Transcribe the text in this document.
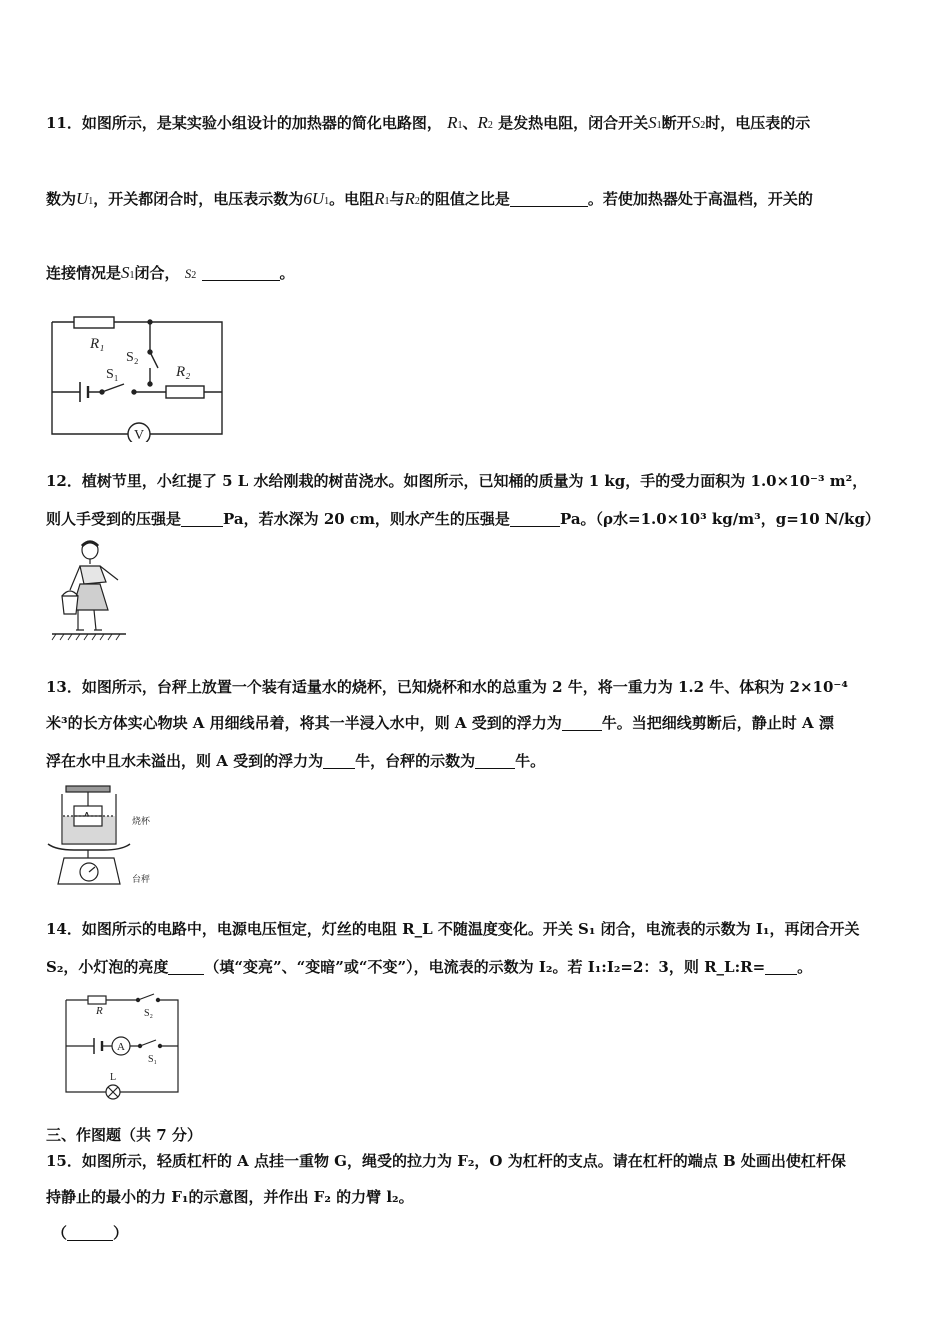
11．如图所示，是某实验小组设计的加热器的简化电路图， R1、R2 是发热电阻，闭合开关S1断开S2时，电压表的示
数为U1，开关都闭合时，电压表示数为6U1。电阻R1与R2的阻值之比是	。若使加热器处于高温档，开关的
连接情况是S1闭合， S2	。
V
R₁
S₂
S₁	R₂
12．植树节里，小红提了 5 L 水给刚栽的树苗浇水。如图所示，已知桶的质量为 1 kg，手的受力面积为 1.0×10⁻³ m²，
则人手受到的压强是	Pa，若水深为 20 cm，则水产生的压强是	Pa。（ρ水=1.0×10³ kg/m³，g=10 N/kg）
13．如图所示，台秤上放置一个装有适量水的烧杯，已知烧杯和水的总重为 2 牛，将一重力为 1.2 牛、体积为 2×10⁻⁴
米³的长方体实心物块 A 用细线吊着，将其一半浸入水中，则 A 受到的浮力为	牛。当把细线剪断后，静止时 A 漂
浮在水中且水未溢出，则 A 受到的浮力为 牛，台秤的示数为	牛。
烧杯
台秤
14．如图所示的电路中，电源电压恒定，灯丝的电阻 R_L 不随温度变化。开关 S₁ 闭合，电流表的示数为 I₁，再闭合开关
S₂，小灯泡的亮度 （填“变亮”、“变暗”或“不变”），电流表的示数为 I₂。若 I₁:I₂=2：3，则 R_L:R= 。
A
R	S₂
S₁
L
三、作图题（共 7 分）
15．如图所示，轻质杠杆的 A 点挂一重物 G，绳受的拉力为 F₂，O 为杠杆的支点。请在杠杆的端点 B 处画出使杠杆保
持静止的最小的力 F₁的示意图，并作出 F₂ 的力臂 l₂。
（	）
